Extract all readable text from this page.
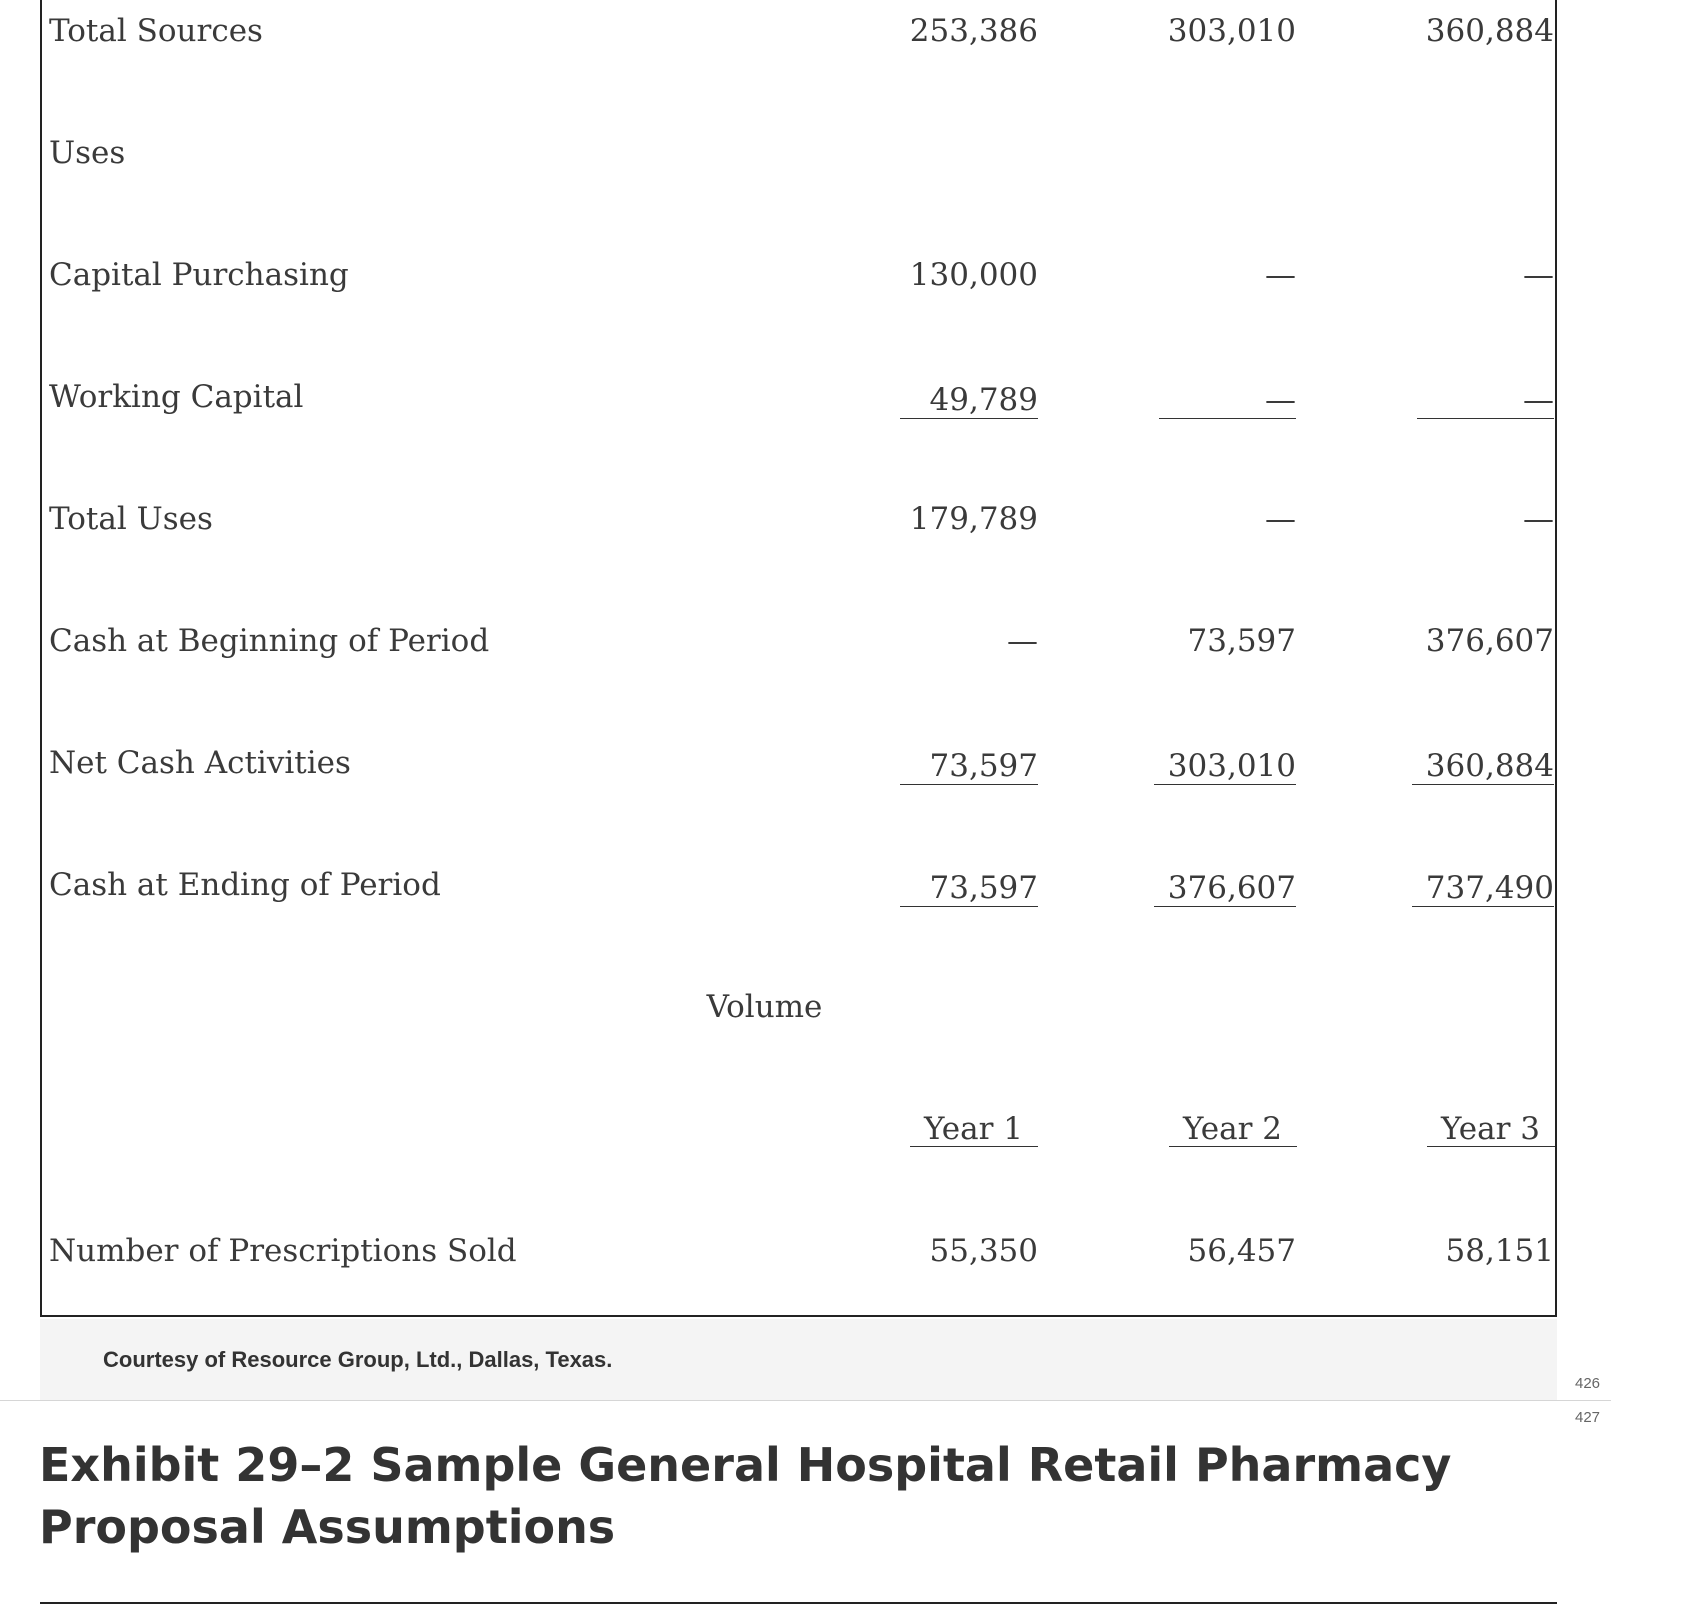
Total Sources	253,386	303,010	360,884
Uses
Capital Purchasing	130,000	—	—
Working Capital	49,789	—	—
Total Uses	179,789	—	—
Cash at Beginning of Period	—	73,597	376,607
Net Cash Activities	73,597	303,010	360,884
Cash at Ending of Period	73,597	376,607	737,490
Volume
Year 1	Year 2	Year 3
Number of Prescriptions Sold	55,350	56,457	58,151
Courtesy of Resource Group, Ltd., Dallas, Texas.
426
427
Exhibit 29–2 Sample General Hospital Retail Pharmacy Proposal Assumptions
